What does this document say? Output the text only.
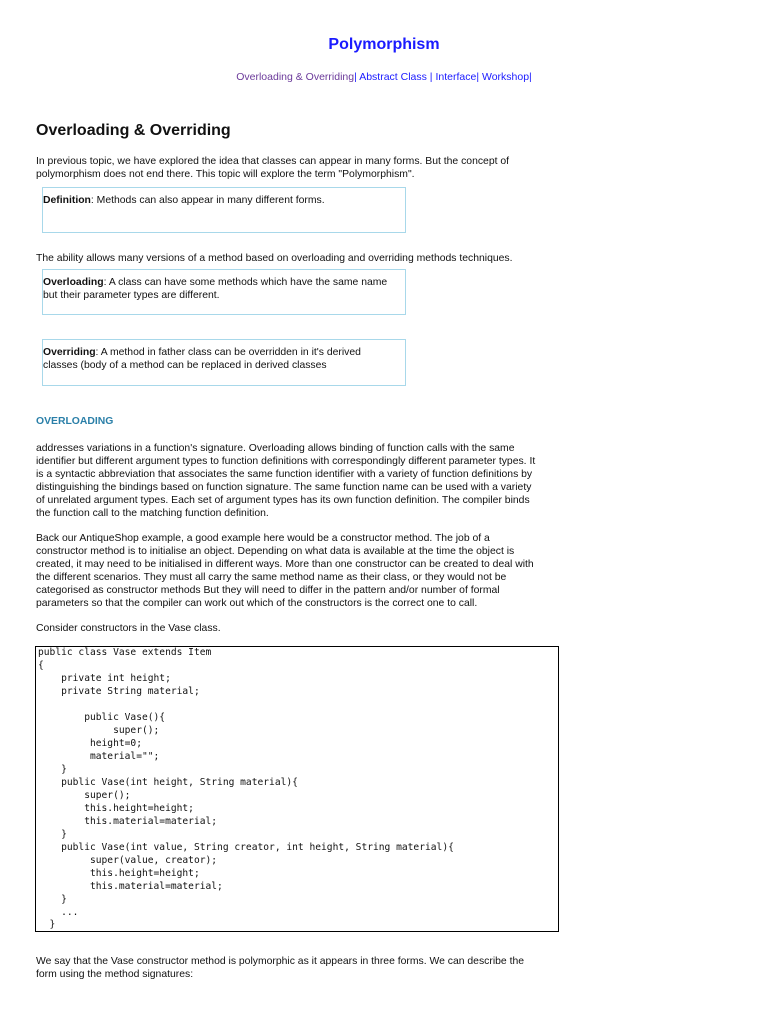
Polymorphism
Overloading & Overriding| Abstract Class | Interface| Workshop|
Overloading & Overriding

In previous topic, we have explored the idea that classes can appear in many forms. But the concept of
polymorphism does not end there. This topic will explore the term "Polymorphism".

Definition: Methods can also appear in many different forms.

The ability allows many versions of a method based on overloading and overriding methods techniques.

Overloading: A class can have some methods which have the same name
but their parameter types are different.
Overriding: A method in father class can be overridden in it's derived
classes (body of a method can be replaced in derived classes
OVERLOADING

addresses variations in a function's signature. Overloading allows binding of function calls with the same
identifier but different argument types to function definitions with correspondingly different parameter types. It
is a syntactic abbreviation that associates the same function identifier with a variety of function definitions by
distinguishing the bindings based on function signature. The same function name can be used with a variety
of unrelated argument types. Each set of argument types has its own function definition. The compiler binds
the function call to the matching function definition.

Back our AntiqueShop example, a good example here would be a constructor method. The job of a
constructor method is to initialise an object. Depending on what data is available at the time the object is
created, it may need to be initialised in different ways. More than one constructor can be created to deal with
the different scenarios. They must all carry the same method name as their class, or they would not be
categorised as constructor methods But they will need to differ in the pattern and/or number of formal
parameters so that the compiler can work out which of the constructors is the correct one to call.

Consider constructors in the Vase class.

public class Vase extends Item
{
private int height;
private String material;
public Vase(){
super();
height=0;
material="";
}
public Vase(int height, String material){
super();
this.height=height;
this.material=material;
}
public Vase(int value, String creator, int height, String material){
super(value, creator);
this.height=height;
this.material=material;
}
...
}

We say that the Vase constructor method is polymorphic as it appears in three forms. We can describe the
form using the method signatures:
